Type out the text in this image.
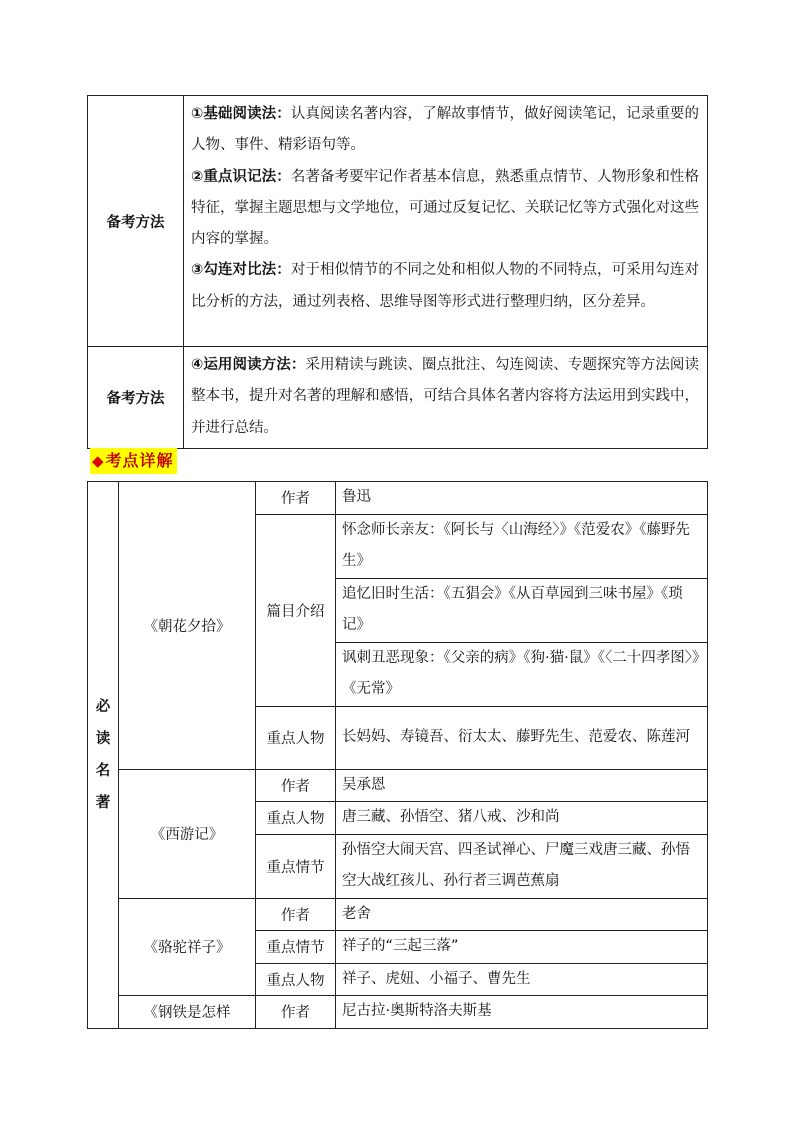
备考方法	①基础阅读法：认真阅读名著内容，了解故事情节，做好阅读笔记，记录重要的人物、事件、精彩语句等。
②重点识记法：名著备考要牢记作者基本信息，熟悉重点情节、人物形象和性格特征，掌握主题思想与文学地位，可通过反复记忆、关联记忆等方式强化对这些内容的掌握。
③勾连对比法：对于相似情节的不同之处和相似人物的不同特点，可采用勾连对比分析的方法，通过列表格、思维导图等形式进行整理归纳，区分差异。

备考方法	④运用阅读方法：采用精读与跳读、圈点批注、勾连阅读、专题探究等方法阅读整本书，提升对名著的理解和感悟，可结合具体名著内容将方法运用到实践中，并进行总结。
◆考点详解
必
读
名
著	《朝花夕拾》	作者	鲁迅
		篇目介绍	怀念师长亲友：《阿长与〈山海经〉》《范爱农》《藤野先生》
			追忆旧时生活：《五猖会》《从百草园到三味书屋》《琐记》
			讽刺丑恶现象：《父亲的病》《狗·猫·鼠》《〈二十四孝图〉》《无常》
		重点人物	长妈妈、寿镜吾、衍太太、藤野先生、范爱农、陈莲河

	《西游记》	作者	吴承恩
		重点人物	唐三藏、孙悟空、猪八戒、沙和尚
		重点情节	孙悟空大闹天宫、四圣试禅心、尸魔三戏唐三藏、孙悟空大战红孩儿、孙行者三调芭蕉扇
	《骆驼祥子》	作者	老舍
		重点情节	祥子的“三起三落”
		重点人物	祥子、虎妞、小福子、曹先生
	《钢铁是怎样	作者	尼古拉·奥斯特洛夫斯基
